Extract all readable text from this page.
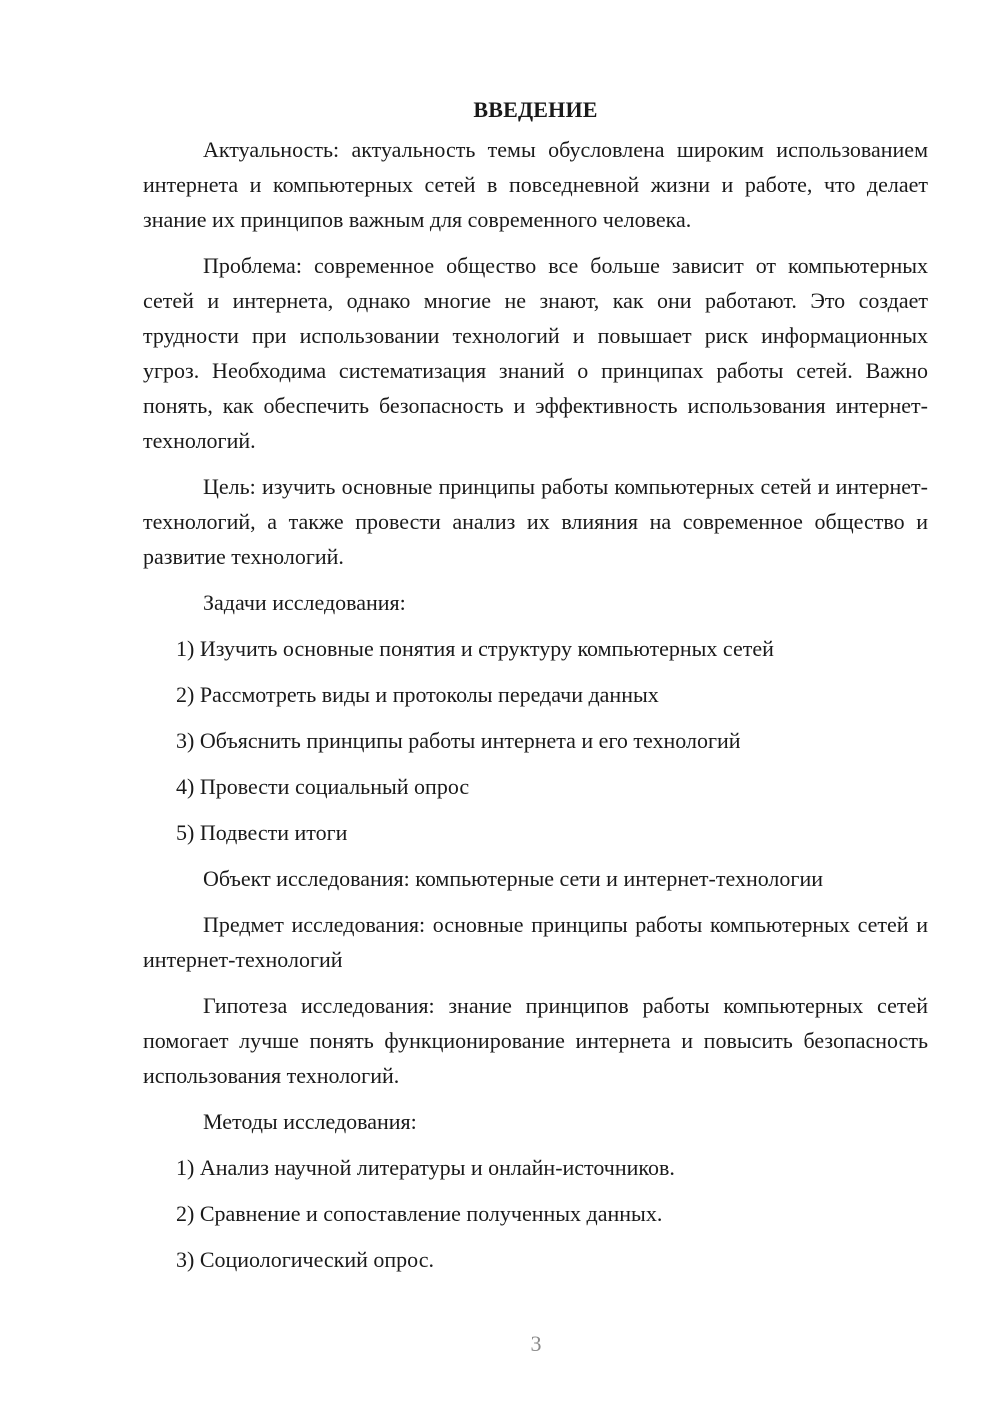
ВВЕДЕНИЕ

Актуальность: актуальность темы обусловлена широким использованием интернета и компьютерных сетей в повседневной жизни и работе, что делает знание их принципов важным для современного человека.

Проблема: современное общество все больше зависит от компьютерных сетей и интернета, однако многие не знают, как они работают. Это создает трудности при использовании технологий и повышает риск информационных угроз. Необходима систематизация знаний о принципах работы сетей. Важно понять, как обеспечить безопасность и эффективность использования интернет-технологий.

Цель: изучить основные принципы работы компьютерных сетей и интернет-технологий, а также провести анализ их влияния на современное общество и развитие технологий.

Задачи исследования:
1) Изучить основные понятия и структуру компьютерных сетей
2) Рассмотреть виды и протоколы передачи данных
3) Объяснить принципы работы интернета и его технологий
4) Провести социальный опрос
5) Подвести итоги

Объект исследования: компьютерные сети и интернет-технологии

Предмет исследования: основные принципы работы компьютерных сетей и интернет-технологий

Гипотеза исследования: знание принципов работы компьютерных сетей помогает лучше понять функционирование интернета и повысить безопасность использования технологий.

Методы исследования:
1) Анализ научной литературы и онлайн-источников.
2) Сравнение и сопоставление полученных данных.
3) Социологический опрос.
3
